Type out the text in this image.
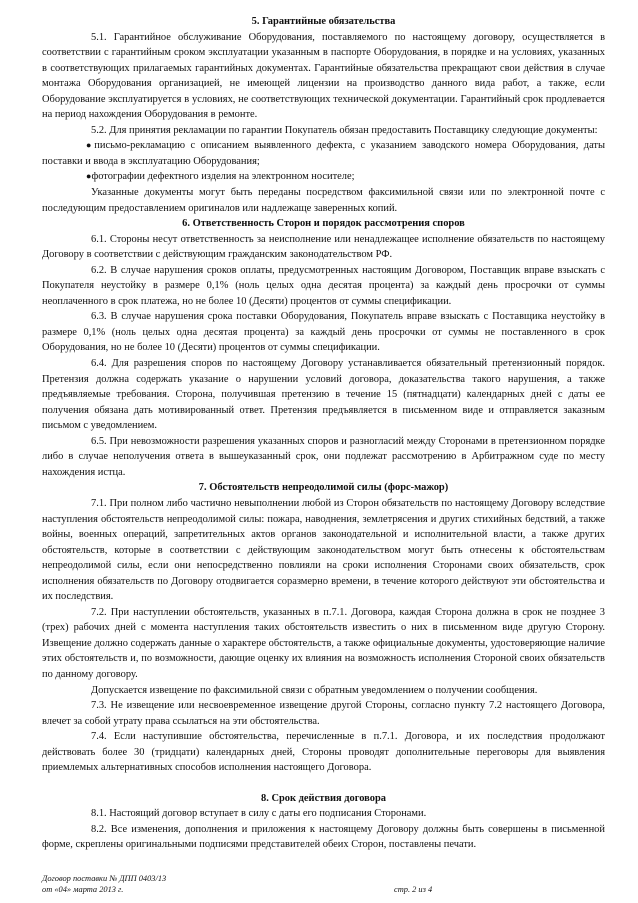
5. Гарантийные обязательства

5.1. Гарантийное обслуживание Оборудования, поставляемого по настоящему договору, осуществляется в соответствии с гарантийным сроком эксплуатации указанным в паспорте Оборудования, в порядке и на условиях, указанных в соответствующих прилагаемых гарантийных документах. Гарантийные обязательства прекращают свои действия в случае монтажа Оборудования организацией, не имеющей лицензии на производство данного вида работ, а также, если Оборудование эксплуатируется в условиях, не соответствующих технической документации. Гарантийный срок продлевается на период нахождения Оборудования в ремонте.

5.2. Для принятия рекламации по гарантии Покупатель обязан предоставить Поставщику следующие документы:

●письмо-рекламацию с описанием выявленного дефекта, с указанием заводского номера Оборудования, даты поставки и ввода в эксплуатацию Оборудования;
●фотографии дефектного изделия на электронном носителе;

Указанные документы могут быть переданы посредством факсимильной связи или по электронной почте с последующим предоставлением оригиналов или надлежаще заверенных копий.

6. Ответственность Сторон и порядок рассмотрения споров

6.1. Стороны несут ответственность за неисполнение или ненадлежащее исполнение обязательств по настоящему Договору в соответствии с действующим гражданским законодательством РФ.

6.2. В случае нарушения сроков оплаты, предусмотренных настоящим Договором, Поставщик вправе взыскать с Покупателя неустойку в размере 0,1% (ноль целых одна десятая процента) за каждый день просрочки от суммы неоплаченного в срок платежа, но не более 10 (Десяти) процентов от суммы спецификации.

6.3. В случае нарушения срока поставки Оборудования, Покупатель вправе взыскать с Поставщика неустойку в размере 0,1% (ноль целых одна десятая процента) за каждый день просрочки от суммы не поставленного в срок Оборудования, но не более 10 (Десяти) процентов от суммы спецификации.

6.4. Для разрешения споров по настоящему Договору устанавливается обязательный претензионный порядок. Претензия должна содержать указание о нарушении условий договора, доказательства такого нарушения, а также предъявляемые требования. Сторона, получившая претензию в течение 15 (пятнадцати) календарных дней с даты ее получения обязана дать мотивированный ответ. Претензия предъявляется в письменном виде и отправляется заказным письмом с уведомлением.

6.5. При невозможности разрешения указанных споров и разногласий между Сторонами в претензионном порядке либо в случае неполучения ответа в вышеуказанный срок, они подлежат рассмотрению в Арбитражном суде по месту нахождения истца.

7. Обстоятельств непреодолимой силы (форс-мажор)

7.1. При полном либо частично невыполнении любой из Сторон обязательств по настоящему Договору вследствие наступления обстоятельств непреодолимой силы: пожара, наводнения, землетрясения и других стихийных бедствий, а также войны, военных операций, запретительных актов органов законодательной и исполнительной власти, а также других обстоятельств, которые в соответствии с действующим законодательством могут быть отнесены к обстоятельствам непреодолимой силы, если они непосредственно повлияли на сроки исполнения Сторонами своих обязательств, срок исполнения обязательств по Договору отодвигается соразмерно времени, в течение которого действуют эти обстоятельства и их последствия.

7.2. При наступлении обстоятельств, указанных в п.7.1. Договора, каждая Сторона должна в срок не позднее 3 (трех) рабочих дней с момента наступления таких обстоятельств известить о них в письменном виде другую Сторону. Извещение должно содержать данные о характере обстоятельств, а также официальные документы, удостоверяющие наличие этих обстоятельств и, по возможности, дающие оценку их влияния на возможность исполнения Стороной своих обязательств по данному договору.

Допускается извещение по факсимильной связи с обратным уведомлением о получении сообщения.

7.3. Не извещение или несвоевременное извещение другой Стороны, согласно пункту 7.2 настоящего Договора, влечет за собой утрату права ссылаться на эти обстоятельства.

7.4. Если наступившие обстоятельства, перечисленные в п.7.1. Договора, и их последствия продолжают действовать более 30 (тридцати) календарных дней, Стороны проводят дополнительные переговоры для выявления приемлемых альтернативных способов исполнения настоящего Договора.

8. Срок действия договора

8.1. Настоящий договор вступает в силу с даты его подписания Сторонами.

8.2. Все изменения, дополнения и приложения к настоящему Договору должны быть совершены в письменной форме, скреплены оригинальными подписями представителей обеих Сторон, поставлены печати.

Договор поставки № ДПП 0403/13
от «04» марта 2013 г.	стр. 2 из 4
